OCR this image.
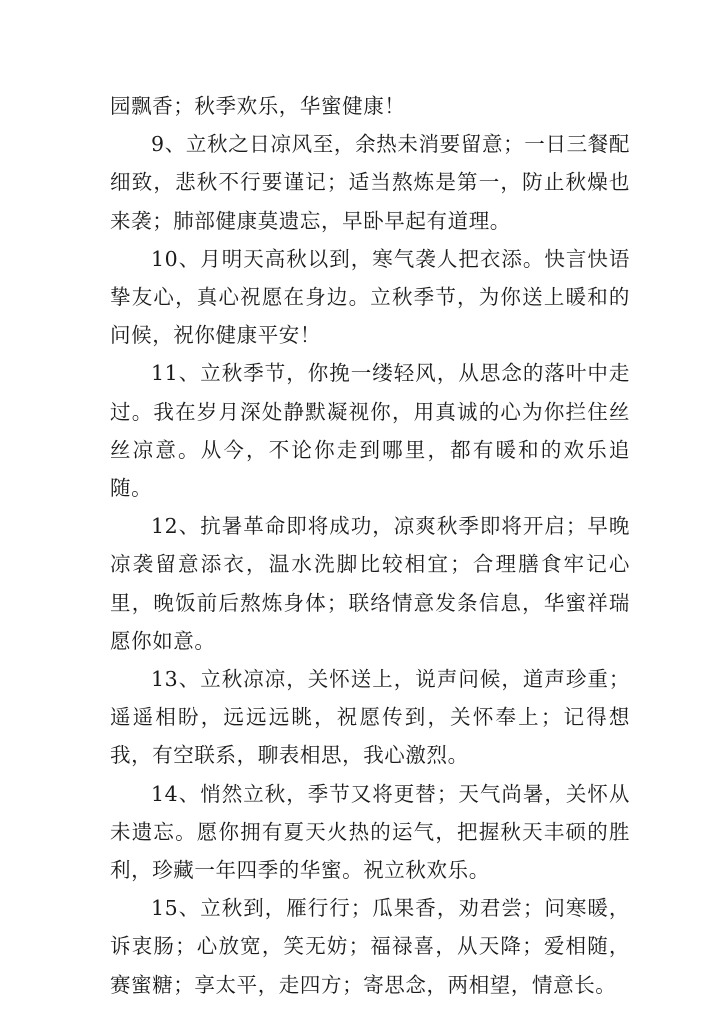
园飘香；秋季欢乐，华蜜健康！

9、立秋之日凉风至，余热未消要留意；一日三餐配细致，悲秋不行要谨记；适当熬炼是第一，防止秋燥也来袭；肺部健康莫遗忘，早卧早起有道理。

10、月明天高秋以到，寒气袭人把衣添。快言快语挚友心，真心祝愿在身边。立秋季节，为你送上暖和的问候，祝你健康平安！

11、立秋季节，你挽一缕轻风，从思念的落叶中走过。我在岁月深处静默凝视你，用真诚的心为你拦住丝丝凉意。从今，不论你走到哪里，都有暖和的欢乐追随。

12、抗暑革命即将成功，凉爽秋季即将开启；早晚凉袭留意添衣，温水洗脚比较相宜；合理膳食牢记心里，晚饭前后熬炼身体；联络情意发条信息，华蜜祥瑞愿你如意。

13、立秋凉凉，关怀送上，说声问候，道声珍重；遥遥相盼，远远远眺，祝愿传到，关怀奉上；记得想我，有空联系，聊表相思，我心激烈。

14、悄然立秋，季节又将更替；天气尚暑，关怀从未遗忘。愿你拥有夏天火热的运气，把握秋天丰硕的胜利，珍藏一年四季的华蜜。祝立秋欢乐。

15、立秋到，雁行行；瓜果香，劝君尝；问寒暖，诉衷肠；心放宽，笑无妨；福禄喜，从天降；爱相随，赛蜜糖；享太平，走四方；寄思念，两相望，情意长。
